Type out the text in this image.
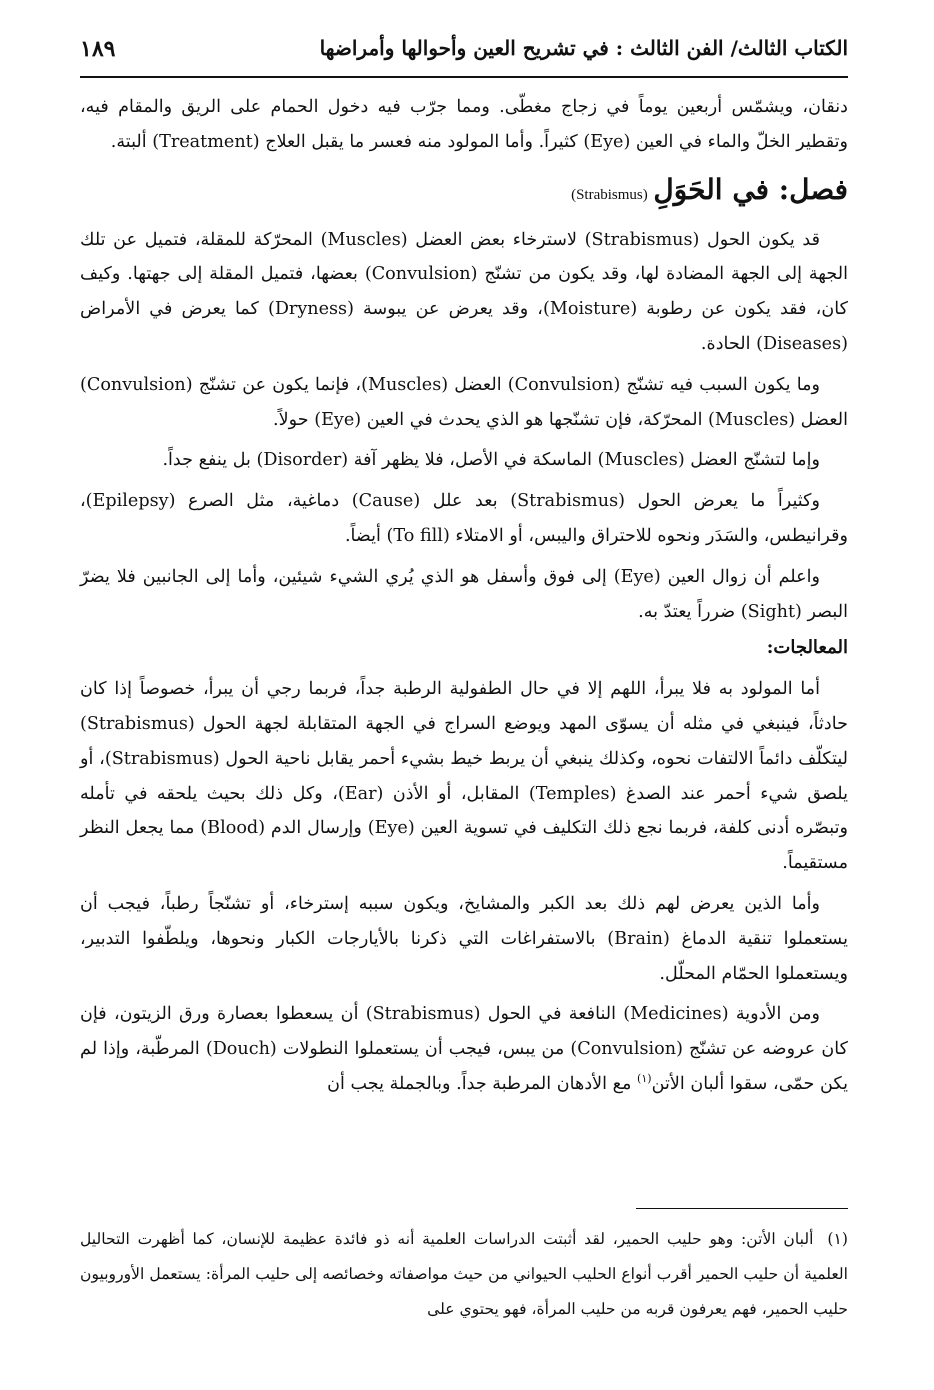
الكتاب الثالث/ الفن الثالث : في تشريح العين وأحوالها وأمراضها
١٨٩

دنقان، ويشمّس أربعين يوماً في زجاج مغطّى. ومما جرّب فيه دخول الحمام على الريق والمقام فيه، وتقطير الخلّ والماء في العين (Eye) كثيراً. وأما المولود منه فعسر ما يقبل العلاج (Treatment) ألبتة.

فصل: في الحَوَلِ (Strabismus)

قد يكون الحول (Strabismus) لاسترخاء بعض العضل (Muscles) المحرّكة للمقلة، فتميل عن تلك الجهة إلى الجهة المضادة لها، وقد يكون من تشنّج (Convulsion) بعضها، فتميل المقلة إلى جهتها. وكيف كان، فقد يكون عن رطوبة (Moisture)، وقد يعرض عن يبوسة (Dryness) كما يعرض في الأمراض (Diseases) الحادة.

وما يكون السبب فيه تشنّج (Convulsion) العضل (Muscles)، فإنما يكون عن تشنّج (Convulsion) العضل (Muscles) المحرّكة، فإن تشنّجها هو الذي يحدث في العين (Eye) حولاً.

وإما لتشنّج العضل (Muscles) الماسكة في الأصل، فلا يظهر آفة (Disorder) بل ينفع جداً.

وكثيراً ما يعرض الحول (Strabismus) بعد علل (Cause) دماغية، مثل الصرع (Epilepsy)، وقرانيطس، والسَدَر ونحوه للاحتراق واليبس، أو الامتلاء (To fill) أيضاً.

واعلم أن زوال العين (Eye) إلى فوق وأسفل هو الذي يُري الشيء شيئين، وأما إلى الجانبين فلا يضرّ البصر (Sight) ضرراً يعتدّ به.

المعالجات:

أما المولود به فلا يبرأ، اللهم إلا في حال الطفولية الرطبة جداً، فربما رجي أن يبرأ، خصوصاً إذا كان حادثاً، فينبغي في مثله أن يسوّى المهد ويوضع السراج في الجهة المتقابلة لجهة الحول (Strabismus) ليتكلّف دائماً الالتفات نحوه، وكذلك ينبغي أن يربط خيط بشيء أحمر يقابل ناحية الحول (Strabismus)، أو يلصق شيء أحمر عند الصدغ (Temples) المقابل، أو الأذن (Ear)، وكل ذلك بحيث يلحقه في تأمله وتبصّره أدنى كلفة، فربما نجع ذلك التكليف في تسوية العين (Eye) وإرسال الدم (Blood) مما يجعل النظر مستقيماً.

وأما الذين يعرض لهم ذلك بعد الكبر والمشايخ، ويكون سببه إسترخاء، أو تشنّجاً رطباً، فيجب أن يستعملوا تنقية الدماغ (Brain) بالاستفراغات التي ذكرنا بالأيارجات الكبار ونحوها، ويلطّفوا التدبير، ويستعملوا الحمّام المحلّل.

ومن الأدوية (Medicines) النافعة في الحول (Strabismus) أن يسعطوا بعصارة ورق الزيتون، فإن كان عروضه عن تشنّج (Convulsion) من يبس، فيجب أن يستعملوا النطولات (Douch) المرطّبة، وإذا لم يكن حمّى، سقوا ألبان الأتن$^{(١)}$ مع الأدهان المرطبة جداً. وبالجملة يجب أن

(١)ألبان الأتن: وهو حليب الحمير، لقد أثبتت الدراسات العلمية أنه ذو فائدة عظيمة للإنسان، كما أظهرت التحاليل العلمية أن حليب الحمير أقرب أنواع الحليب الحيواني من حيث مواصفاته وخصائصه إلى حليب المرأة: يستعمل الأوروبيون حليب الحمير، فهم يعرفون قربه من حليب المرأة، فهو يحتوي على
